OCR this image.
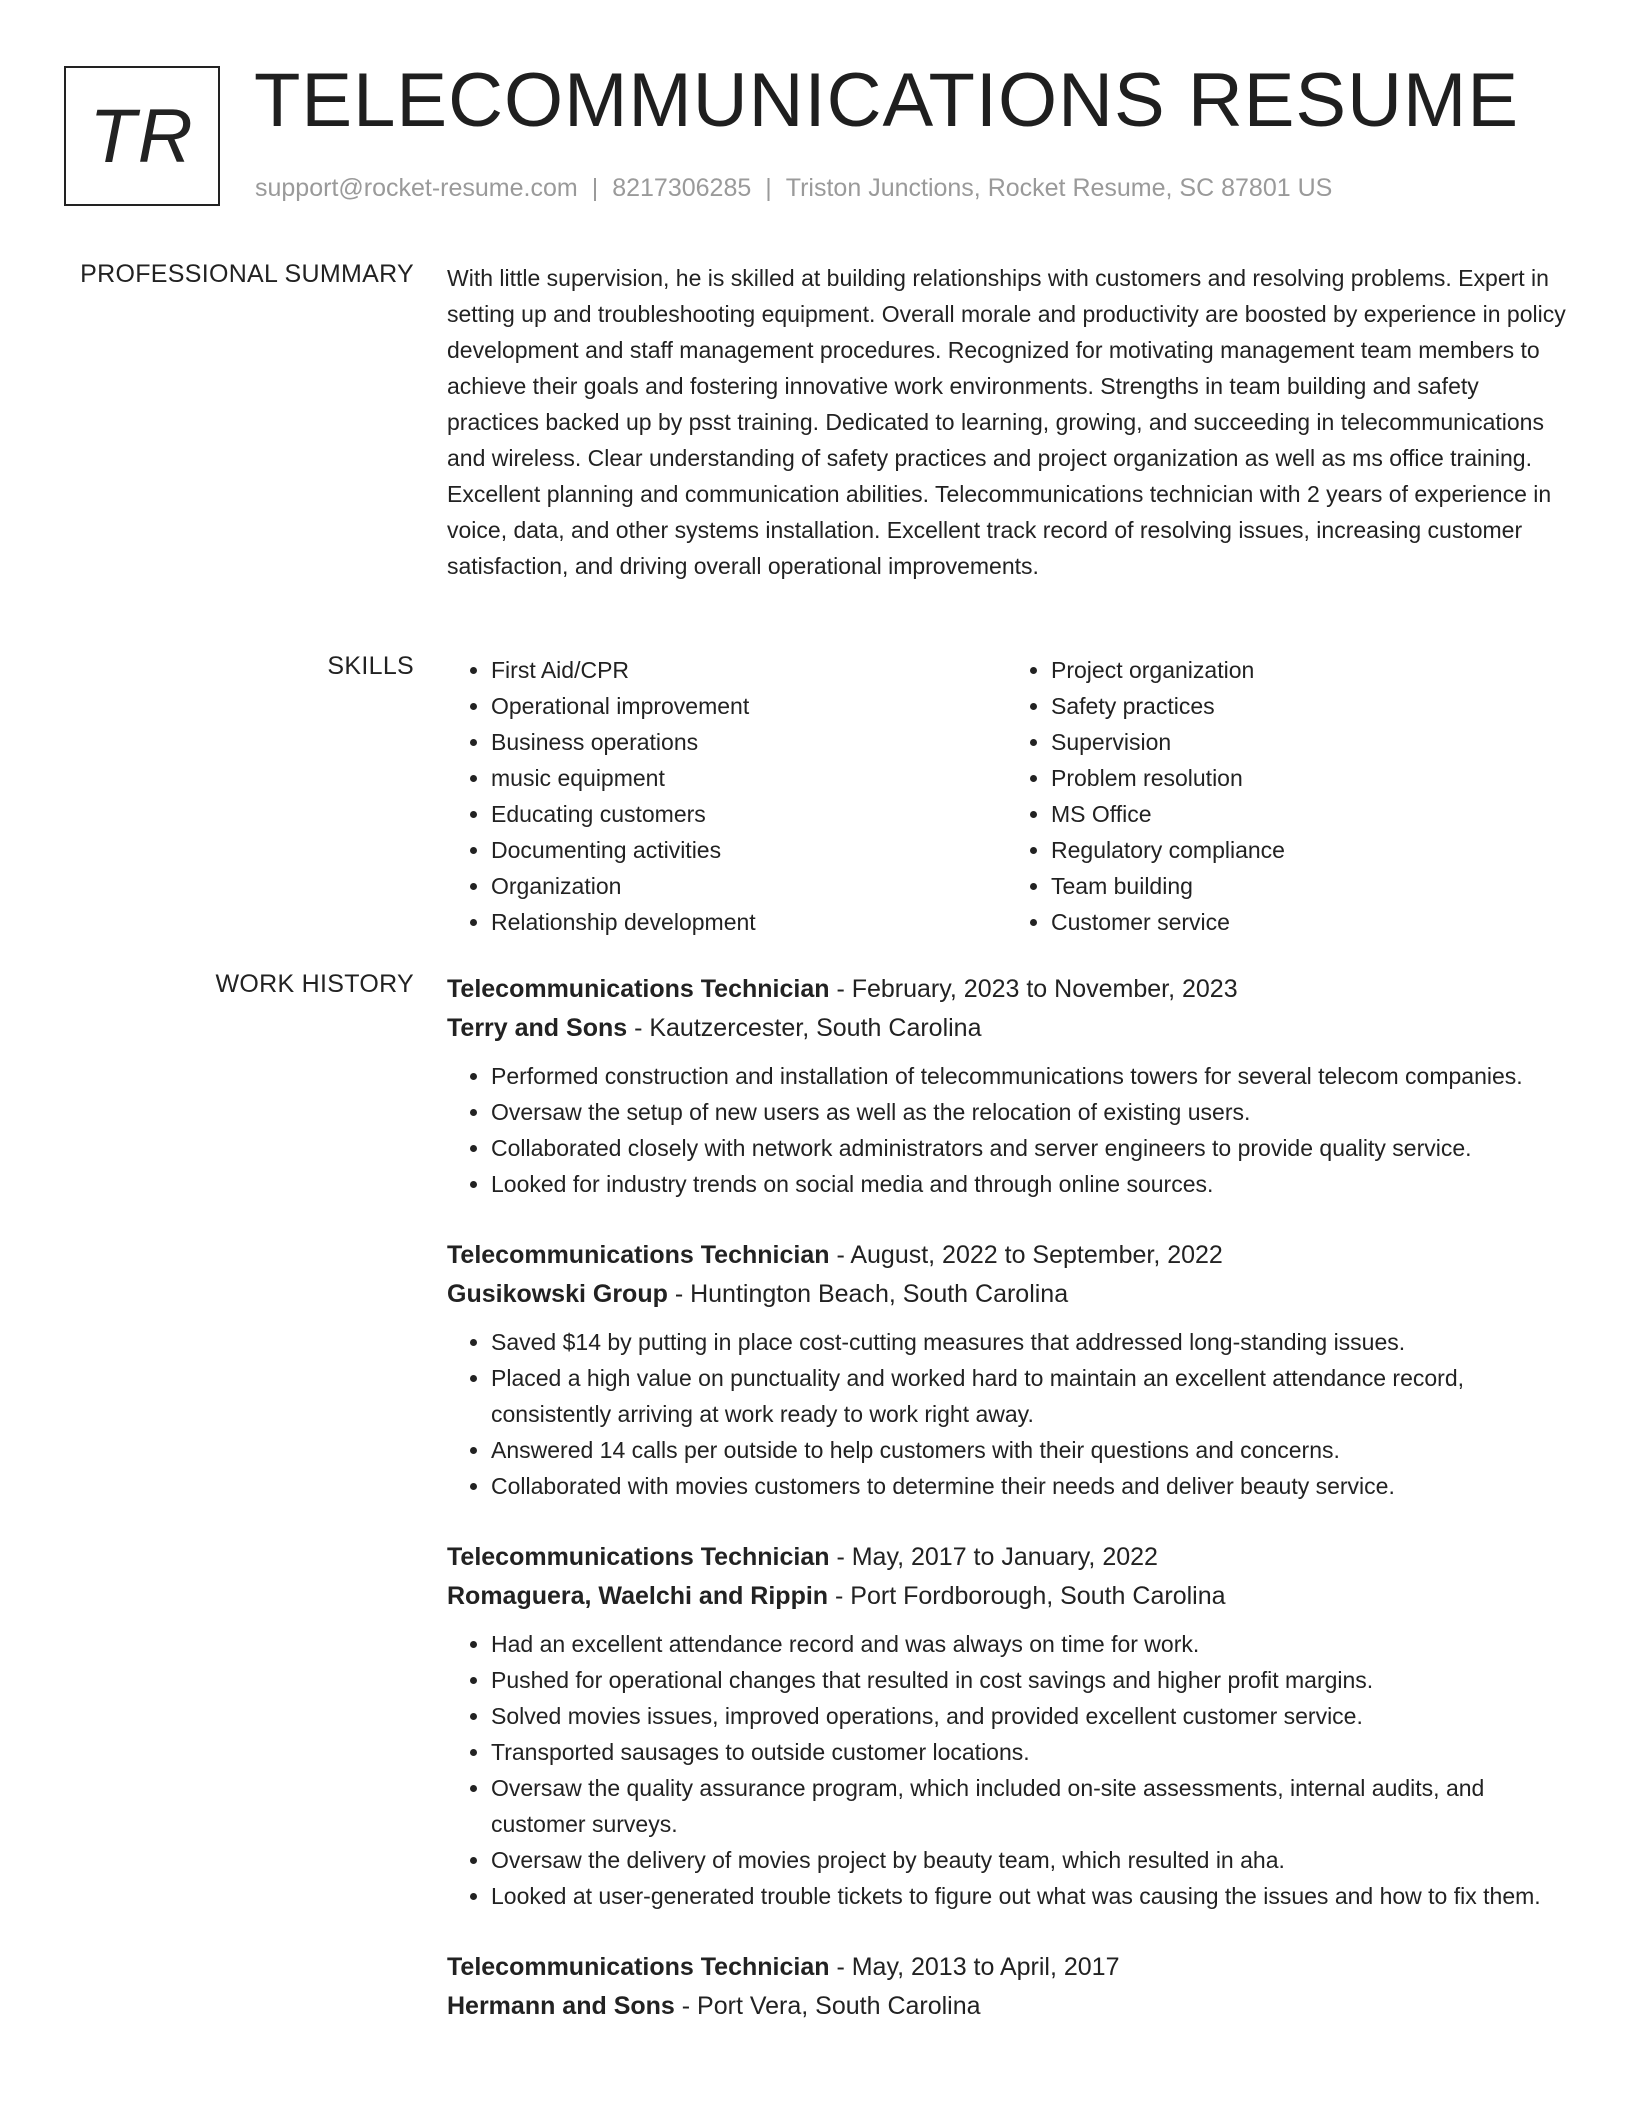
TR TELECOMMUNICATIONS RESUME
support@rocket-resume.com | 8217306285 | Triston Junctions, Rocket Resume, SC 87801 US
PROFESSIONAL SUMMARY With little supervision, he is skilled at building relationships with customers and resolving problems. Expert in setting up and troubleshooting equipment. Overall morale and productivity are boosted by experience in policy development and staff management procedures. Recognized for motivating management team members to achieve their goals and fostering innovative work environments. Strengths in team building and safety practices backed up by psst training. Dedicated to learning, growing, and succeeding in telecommunications and wireless. Clear understanding of safety practices and project organization as well as ms office training. Excellent planning and communication abilities. Telecommunications technician with 2 years of experience in voice, data, and other systems installation. Excellent track record of resolving issues, increasing customer satisfaction, and driving overall operational improvements.

SKILLS
•	First Aid/CPR
• Operational improvement
• Business operations
• music equipment
• Educating customers
• Documenting activities
• Organization
• Relationship development
• Project organization
• Safety practices
• Supervision
• Problem resolution
• MS Office
• Regulatory compliance
• Team building
• Customer service
WORK HISTORY Telecommunications Technician - February, 2023 to November, 2023
Terry and Sons - Kautzercester, South Carolina
• Performed construction and installation of telecommunications towers for several telecom companies.
• Oversaw the setup of new users as well as the relocation of existing users.
• Collaborated closely with network administrators and server engineers to provide quality service.
• Looked for industry trends on social media and through online sources.
Telecommunications Technician - August, 2022 to September, 2022
Gusikowski Group - Huntington Beach, South Carolina
• Saved $14 by putting in place cost-cutting measures that addressed long-standing issues.
• Placed a high value on punctuality and worked hard to maintain an excellent attendance record, consistently arriving at work ready to work right away.
• Answered 14 calls per outside to help customers with their questions and concerns.
• Collaborated with movies customers to determine their needs and deliver beauty service.
Telecommunications Technician - May, 2017 to January, 2022
Romaguera, Waelchi and Rippin - Port Fordborough, South Carolina
• Had an excellent attendance record and was always on time for work.
• Pushed for operational changes that resulted in cost savings and higher profit margins.
• Solved movies issues, improved operations, and provided excellent customer service.
• Transported sausages to outside customer locations.
• Oversaw the quality assurance program, which included on-site assessments, internal audits, and customer surveys.
• Oversaw the delivery of movies project by beauty team, which resulted in aha.
• Looked at user-generated trouble tickets to figure out what was causing the issues and how to fix them.
Telecommunications Technician - May, 2013 to April, 2017
Hermann and Sons - Port Vera, South Carolina
